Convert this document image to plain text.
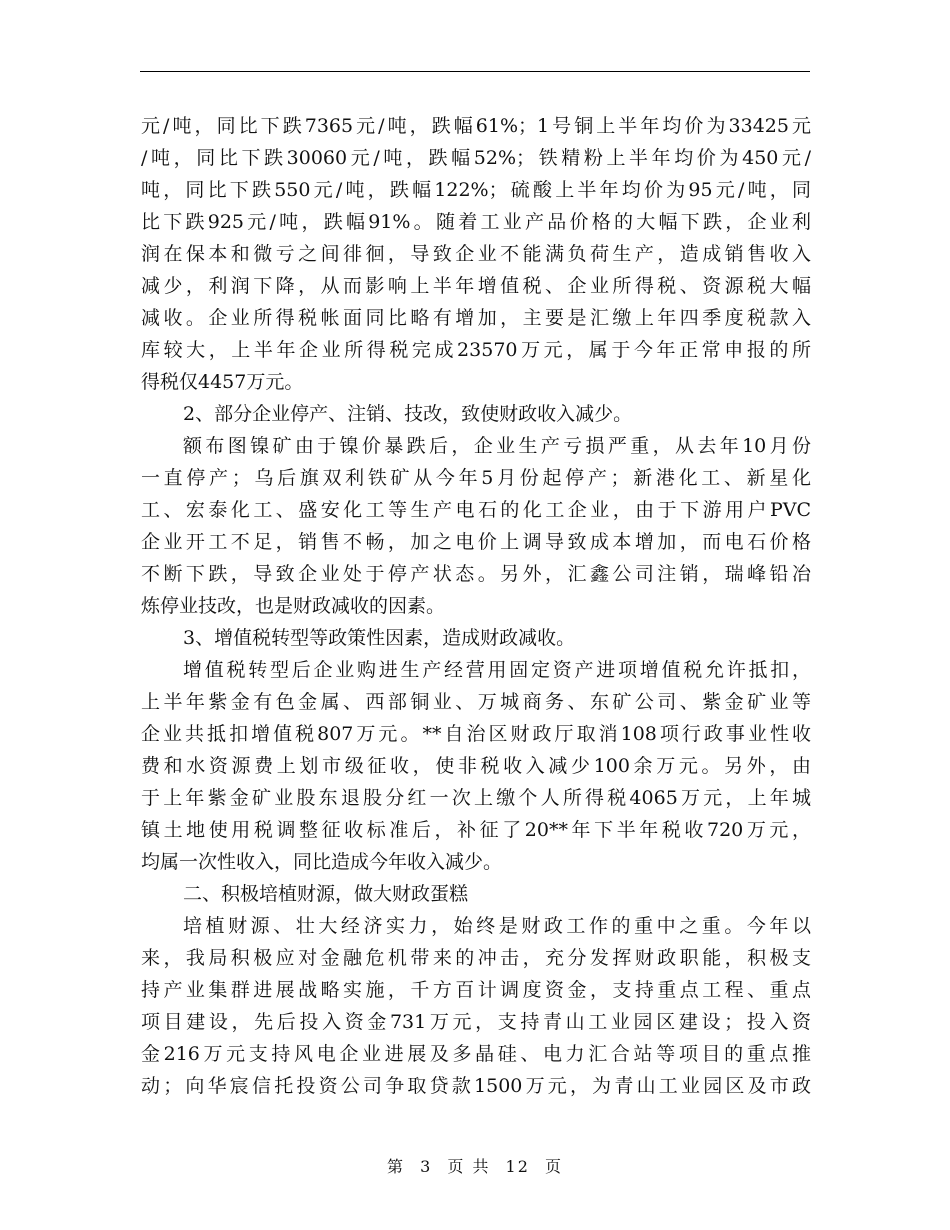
元/吨，同比下跌7365元/吨，跌幅61%；1号铜上半年均价为33425元
/吨，同比下跌30060元/吨，跌幅52%；铁精粉上半年均价为450元/
吨，同比下跌550元/吨，跌幅122%；硫酸上半年均价为95元/吨，同
比下跌925元/吨，跌幅91%。随着工业产品价格的大幅下跌，企业利
润在保本和微亏之间徘徊，导致企业不能满负荷生产，造成销售收入
减少，利润下降，从而影响上半年增值税、企业所得税、资源税大幅
减收。企业所得税帐面同比略有增加，主要是汇缴上年四季度税款入
库较大，上半年企业所得税完成23570万元，属于今年正常申报的所
得税仅4457万元。
2、部分企业停产、注销、技改，致使财政收入减少。
额布图镍矿由于镍价暴跌后，企业生产亏损严重，从去年10月份
一直停产；乌后旗双利铁矿从今年5月份起停产；新港化工、新星化
工、宏泰化工、盛安化工等生产电石的化工企业，由于下游用户PVC
企业开工不足，销售不畅，加之电价上调导致成本增加，而电石价格
不断下跌，导致企业处于停产状态。另外，汇鑫公司注销，瑞峰铅冶
炼停业技改，也是财政减收的因素。
3、增值税转型等政策性因素，造成财政减收。
增值税转型后企业购进生产经营用固定资产进项增值税允许抵扣，
上半年紫金有色金属、西部铜业、万城商务、东矿公司、紫金矿业等
企业共抵扣增值税807万元。**自治区财政厅取消108项行政事业性收
费和水资源费上划市级征收，使非税收入减少100余万元。另外，由
于上年紫金矿业股东退股分红一次上缴个人所得税4065万元，上年城
镇土地使用税调整征收标准后，补征了20**年下半年税收720万元，
均属一次性收入，同比造成今年收入减少。
二、积极培植财源，做大财政蛋糕
培植财源、壮大经济实力，始终是财政工作的重中之重。今年以
来，我局积极应对金融危机带来的冲击，充分发挥财政职能，积极支
持产业集群进展战略实施，千方百计调度资金，支持重点工程、重点
项目建设，先后投入资金731万元，支持青山工业园区建设；投入资
金216万元支持风电企业进展及多晶硅、电力汇合站等项目的重点推
动；向华宸信托投资公司争取贷款1500万元，为青山工业园区及市政
第 3 页 共 12 页
